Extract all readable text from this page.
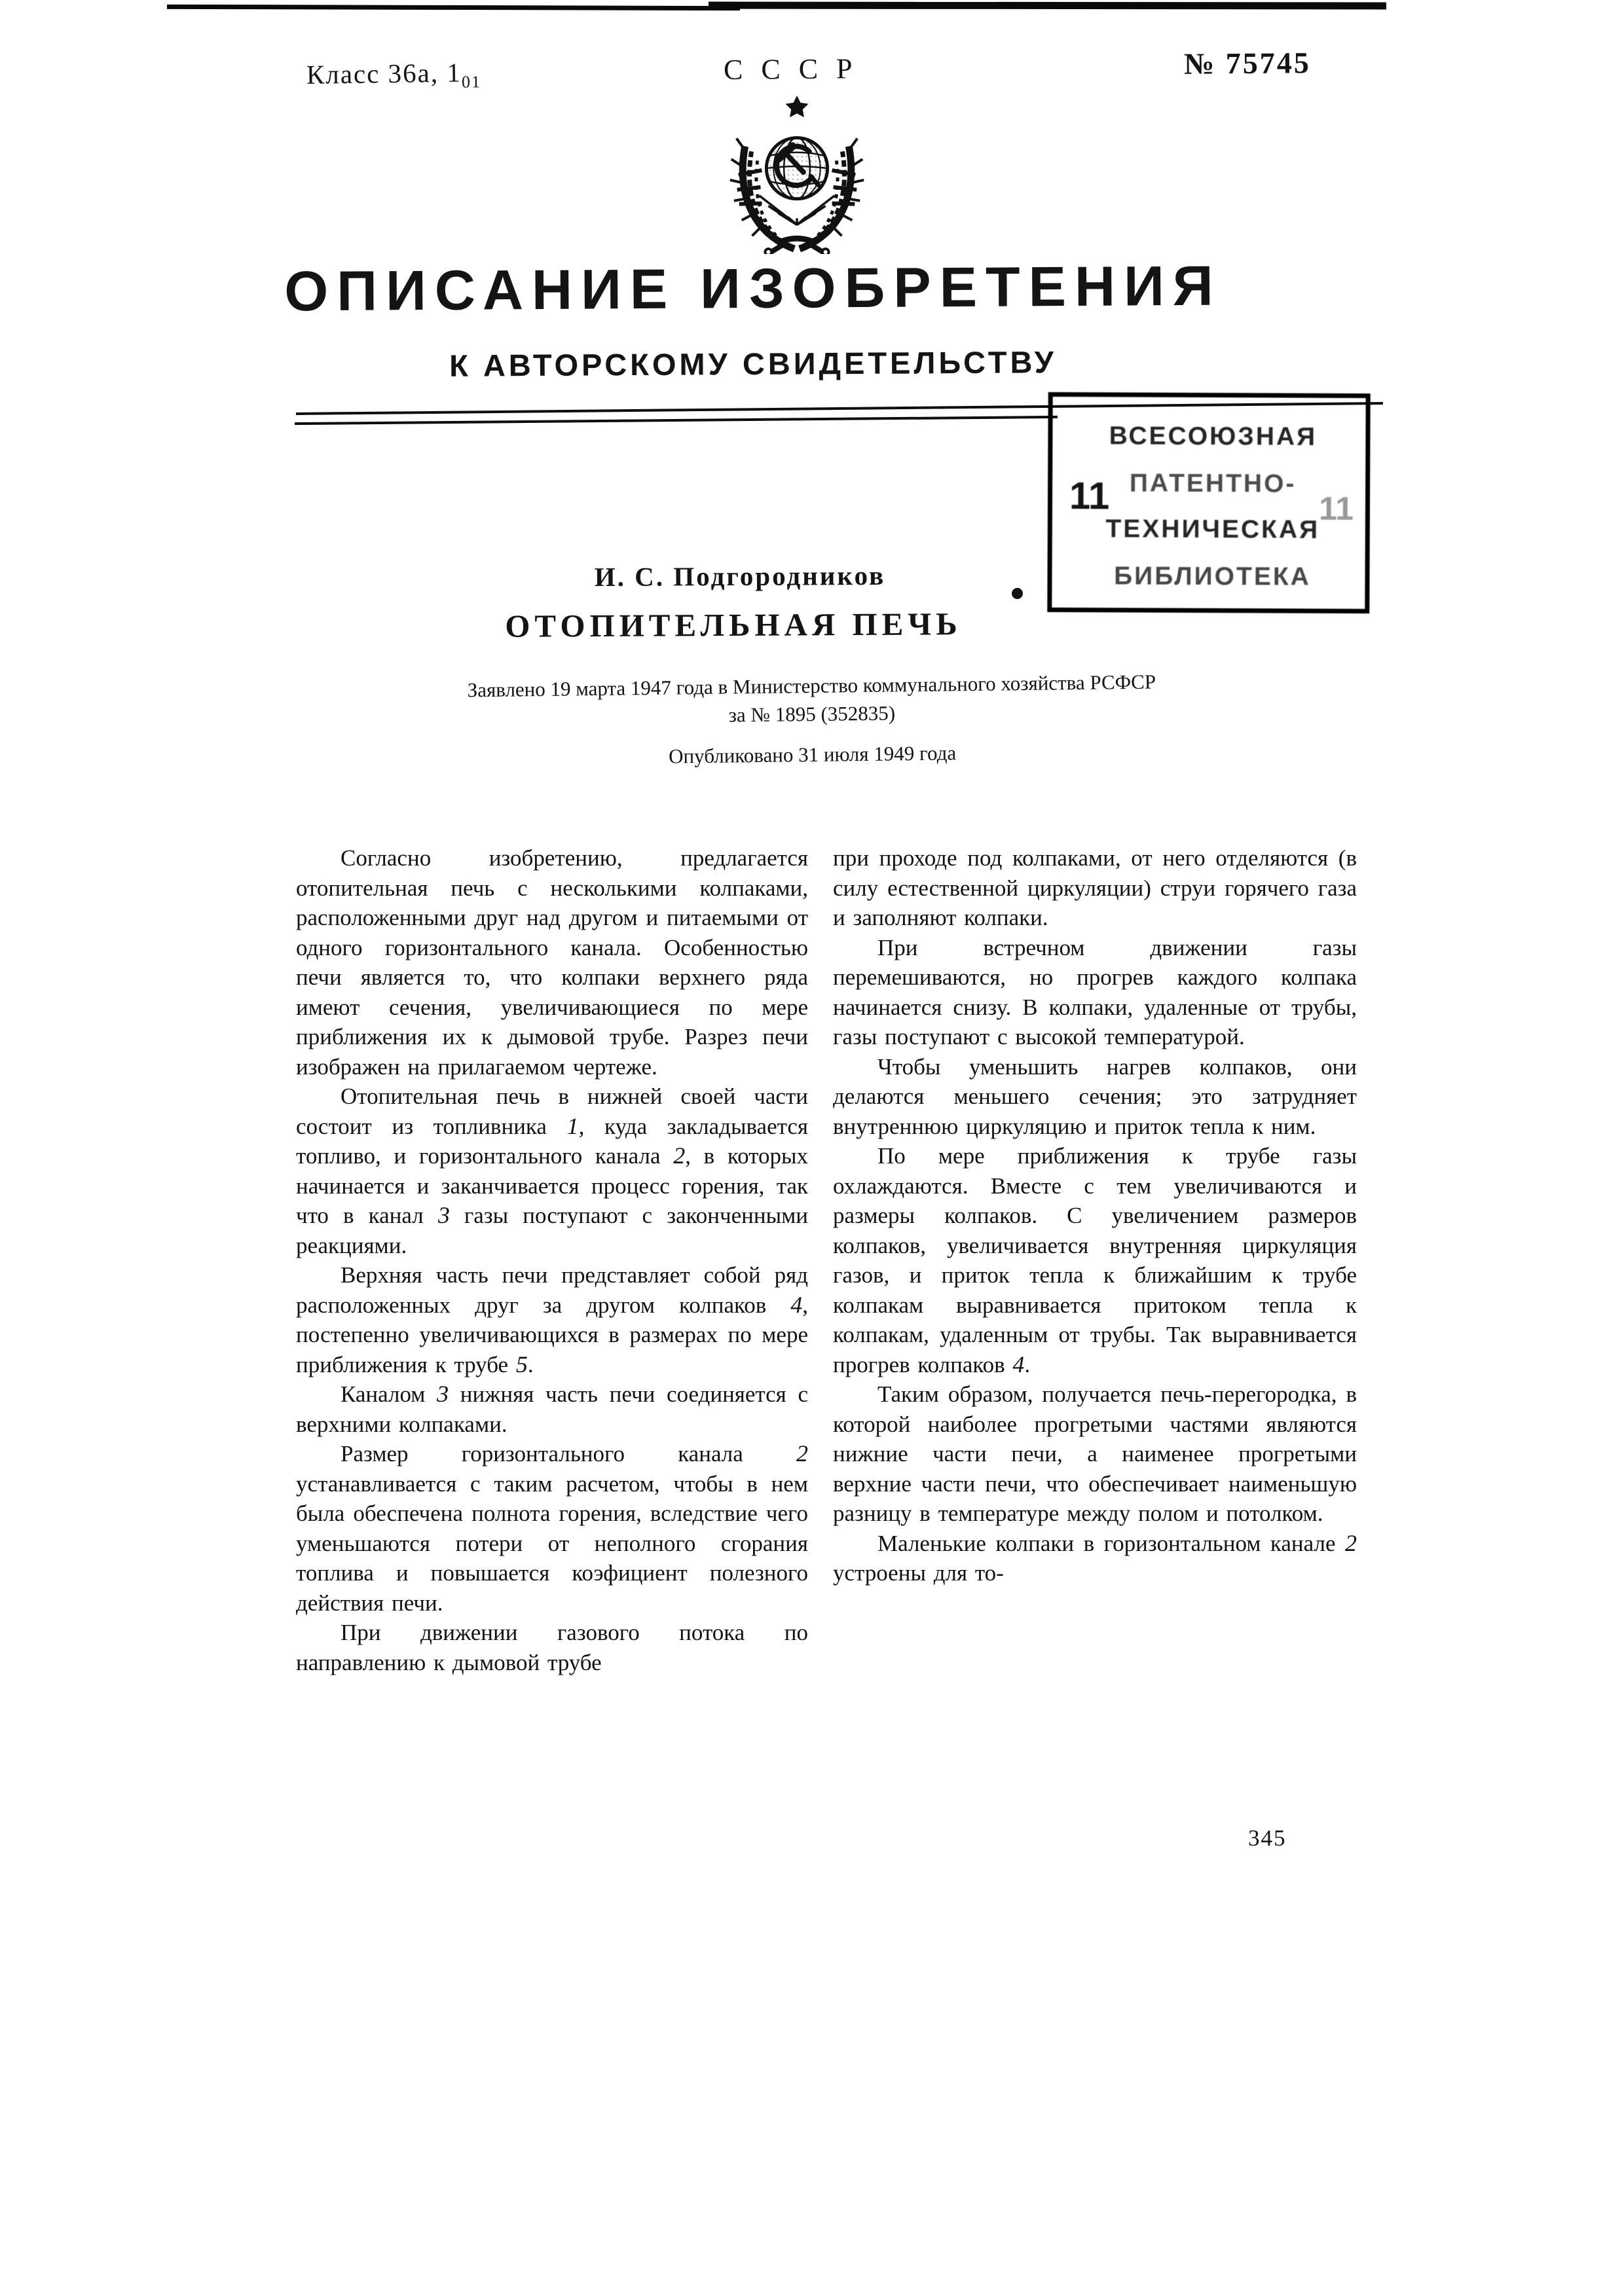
Класс 36а, $1_{01}$	СССР	№ 75745
ОПИСАНИЕ ИЗОБРЕТЕНИЯ
К АВТОРСКОМУ СВИДЕТЕЛЬСТВУ
ВСЕСОЮЗНАЯ
ПАТЕНТНО-
ТЕХНИЧЕСКАЯ
БИБЛИОТЕКА
11	11
И. С. Подгородников
ОТОПИТЕЛЬНАЯ ПЕЧЬ
Заявлено 19 марта 1947 года в Министерство коммунального хозяйства РСФСР
за № 1895 (352835)
Опубликовано 31 июля 1949 года

Согласно изобретению, предлагается отопительная печь с несколькими колпаками, расположенными друг над другом и питаемыми от одного горизонтального канала. Особенностью печи является то, что колпаки верхнего ряда имеют сечения, увеличивающиеся по мере приближения их к дымовой трубе. Разрез печи изображен на прилагаемом чертеже.

Отопительная печь в нижней своей части состоит из топливника 1, куда закладывается топливо, и горизонтального канала 2, в которых начинается и заканчивается процесс горения, так что в канал 3 газы поступают с законченными реакциями.

Верхняя часть печи представляет собой ряд расположенных друг за другом колпаков 4, постепенно увеличивающихся в размерах по мере приближения к трубе 5.

Каналом 3 нижняя часть печи соединяется с верхними колпаками.

Размер горизонтального канала 2 устанавливается с таким расчетом, чтобы в нем была обеспечена полнота горения, вследствие чего уменьшаются потери от неполного сгорания топлива и повышается коэфициент полезного действия печи.

При движении газового потока по направлению к дымовой трубе

при проходе под колпаками, от него отделяются (в силу естественной циркуляции) струи горячего газа и заполняют колпаки.

При встречном движении газы перемешиваются, но прогрев каждого колпака начинается снизу. В колпаки, удаленные от трубы, газы поступают с высокой температурой.

Чтобы уменьшить нагрев колпаков, они делаются меньшего сечения; это затрудняет внутреннюю циркуляцию и приток тепла к ним.

По мере приближения к трубе газы охлаждаются. Вместе с тем увеличиваются и размеры колпаков. С увеличением размеров колпаков, увеличивается внутренняя циркуляция газов, и приток тепла к ближайшим к трубе колпакам выравнивается притоком тепла к колпакам, удаленным от трубы. Так выравнивается прогрев колпаков 4.

Таким образом, получается печь-перегородка, в которой наиболее прогретыми частями являются нижние части печи, а наименее прогретыми верхние части печи, что обеспечивает наименьшую разницу в температуре между полом и потолком.

Маленькие колпаки в горизонтальном канале 2 устроены для то-

345
